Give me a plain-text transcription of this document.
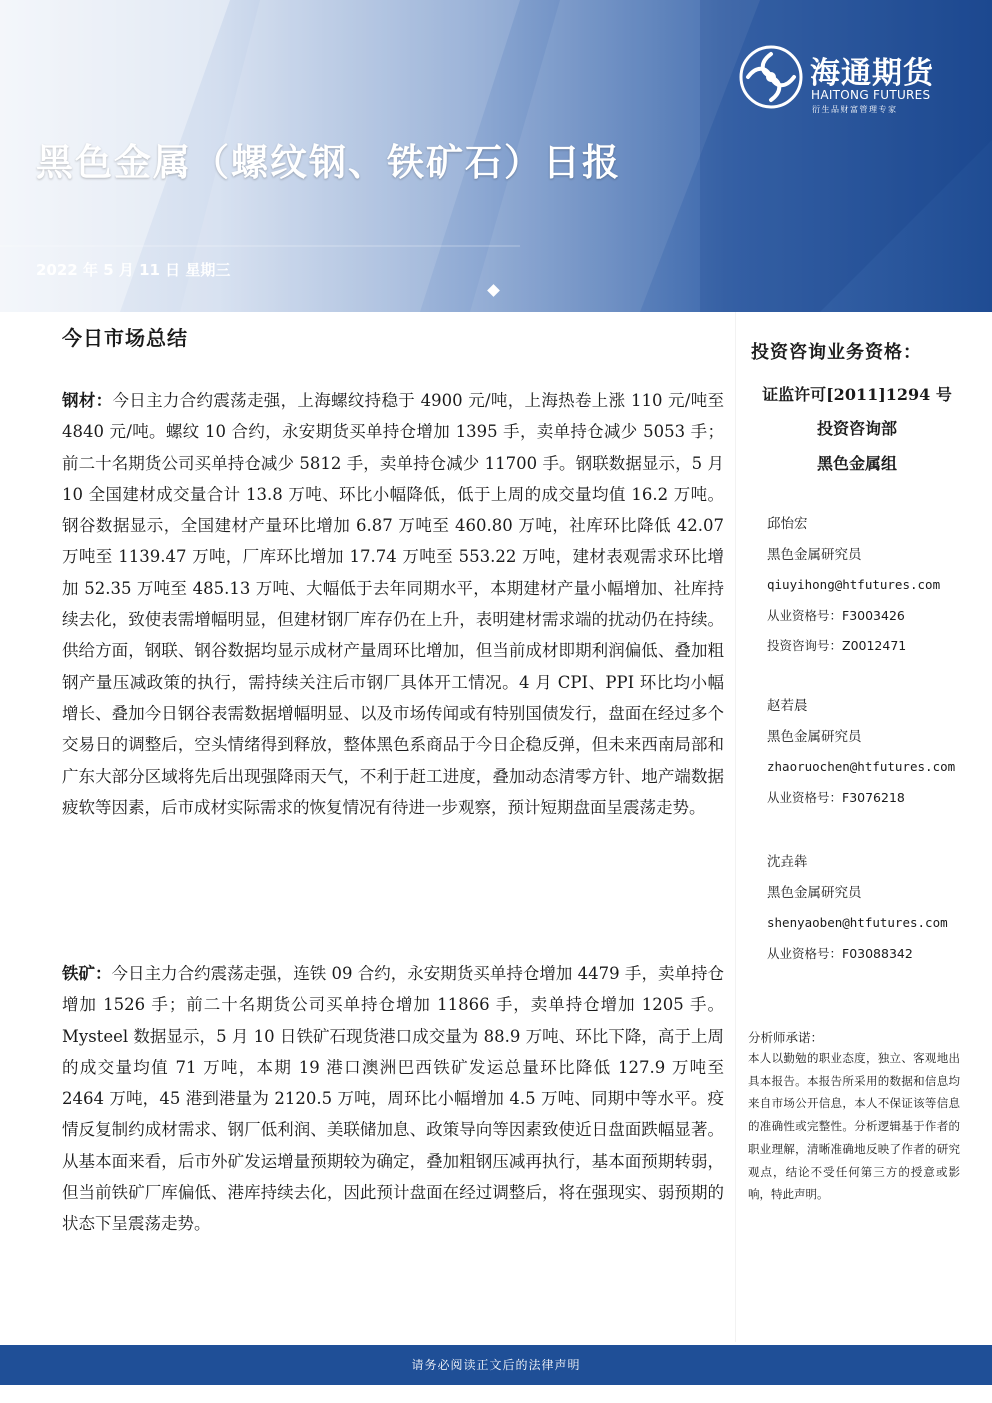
黑色金属（螺纹钢、铁矿石）日报
2022 年 5 月 11 日 星期三
海通期货
HAITONG FUTURES
衍生品财富管理专家
今日市场总结
钢材：今日主力合约震荡走强，上海螺纹持稳于 4900 元/吨，上海热卷上涨 110 元/吨至 4840 元/吨。螺纹 10 合约，永安期货买单持仓增加 1395 手，卖单持仓减少 5053 手；前二十名期货公司买单持仓减少 5812 手，卖单持仓减少 11700 手。钢联数据显示，5 月 10 全国建材成交量合计 13.8 万吨、环比小幅降低，低于上周的成交量均值 16.2 万吨。钢谷数据显示，全国建材产量环比增加 6.87 万吨至 460.80 万吨，社库环比降低 42.07 万吨至 1139.47 万吨，厂库环比增加 17.74 万吨至 553.22 万吨，建材表观需求环比增加 52.35 万吨至 485.13 万吨、大幅低于去年同期水平，本期建材产量小幅增加、社库持续去化，致使表需增幅明显，但建材钢厂库存仍在上升，表明建材需求端的扰动仍在持续。供给方面，钢联、钢谷数据均显示成材产量周环比增加，但当前成材即期利润偏低、叠加粗钢产量压减政策的执行，需持续关注后市钢厂具体开工情况。4 月 CPI、PPI 环比均小幅增长、叠加今日钢谷表需数据增幅明显、以及市场传闻或有特别国债发行，盘面在经过多个交易日的调整后，空头情绪得到释放，整体黑色系商品于今日企稳反弹，但未来西南局部和广东大部分区域将先后出现强降雨天气，不利于赶工进度，叠加动态清零方针、地产端数据疲软等因素，后市成材实际需求的恢复情况有待进一步观察，预计短期盘面呈震荡走势。
铁矿：今日主力合约震荡走强，连铁 09 合约，永安期货买单持仓增加 4479 手，卖单持仓增加 1526 手；前二十名期货公司买单持仓增加 11866 手，卖单持仓增加 1205 手。Mysteel 数据显示，5 月 10 日铁矿石现货港口成交量为 88.9 万吨、环比下降，高于上周的成交量均值 71 万吨，本期 19 港口澳洲巴西铁矿发运总量环比降低 127.9 万吨至 2464 万吨，45 港到港量为 2120.5 万吨，周环比小幅增加 4.5 万吨、同期中等水平。疫情反复制约成材需求、钢厂低利润、美联储加息、政策导向等因素致使近日盘面跌幅显著。从基本面来看，后市外矿发运增量预期较为确定，叠加粗钢压减再执行，基本面预期转弱，但当前铁矿厂库偏低、港库持续去化，因此预计盘面在经过调整后，将在强现实、弱预期的状态下呈震荡走势。
投资咨询业务资格：
证监许可[2011]1294 号
投资咨询部
黑色金属组
邱怡宏
黑色金属研究员
qiuyihong@htfutures.com
从业资格号：F3003426
投资咨询号：Z0012471
赵若晨
黑色金属研究员
zhaoruochen@htfutures.com
从业资格号：F3076218
沈垚犇
黑色金属研究员
shenyaoben@htfutures.com
从业资格号：F03088342
分析师承诺：
本人以勤勉的职业态度，独立、客观地出具本报告。本报告所采用的数据和信息均来自市场公开信息，本人不保证该等信息的准确性或完整性。分析逻辑基于作者的职业理解，清晰准确地反映了作者的研究观点，结论不受任何第三方的授意或影响，特此声明。
请务必阅读正文后的法律声明
